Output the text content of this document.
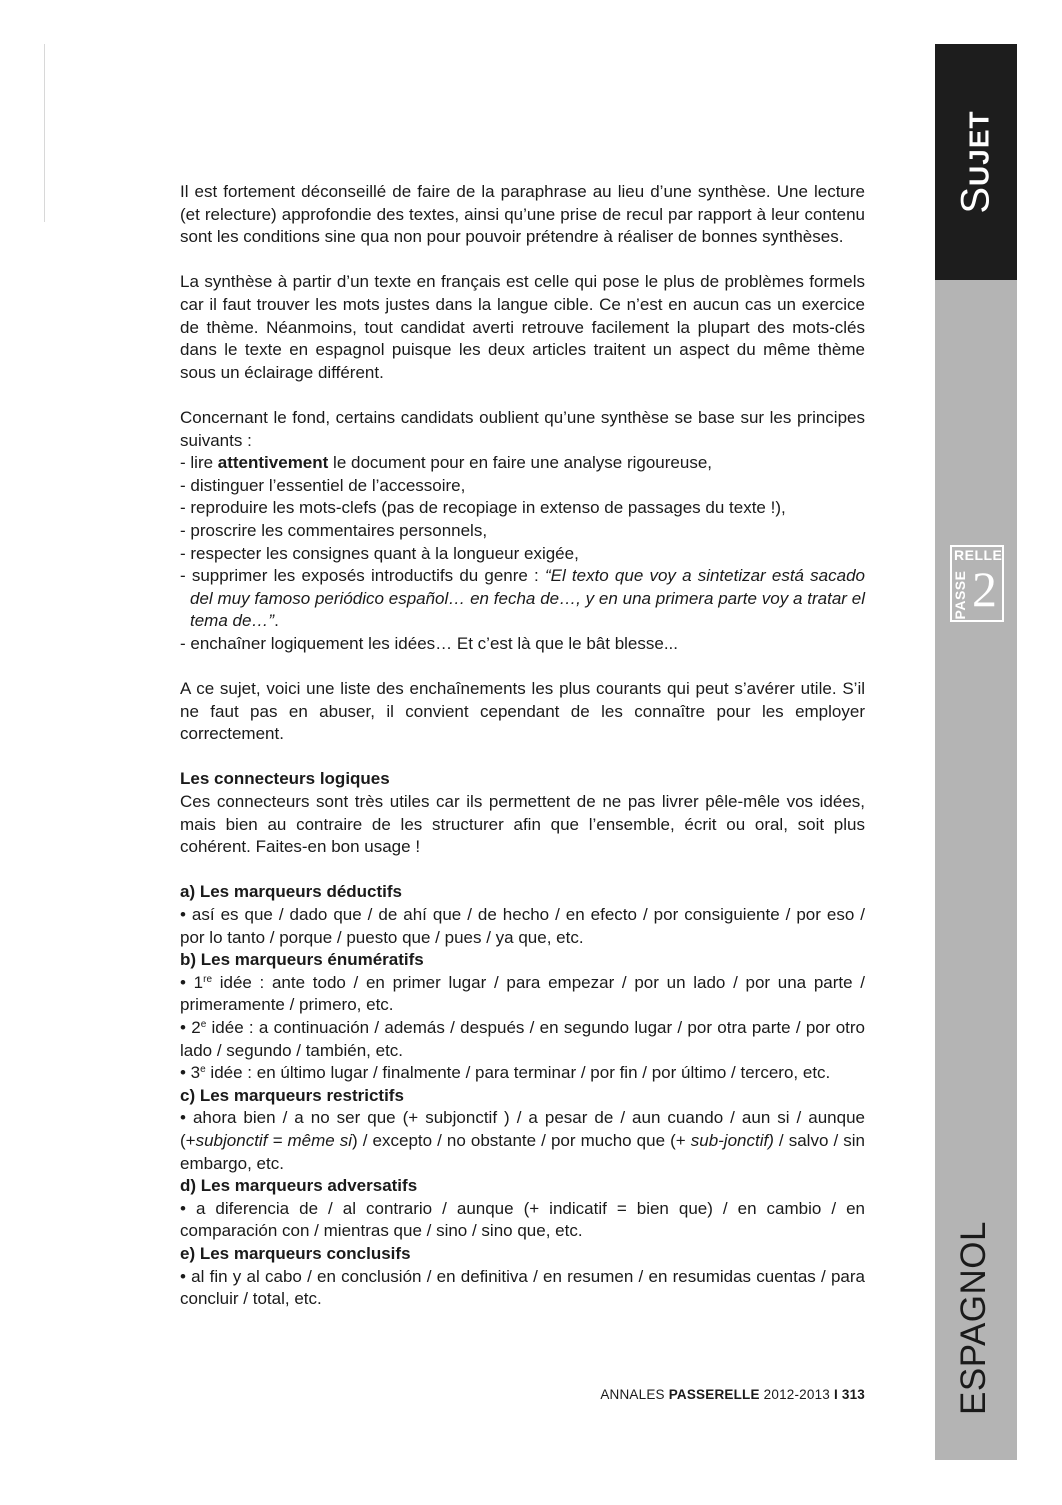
Il est fortement déconseillé de faire de la paraphrase au lieu d’une synthèse. Une lecture (et relecture) approfondie des textes, ainsi qu’une prise de recul par rapport à leur contenu sont les conditions sine qua non pour pouvoir prétendre à réaliser de bonnes synthèses.

La synthèse à partir d’un texte en français est celle qui pose le plus de problèmes formels car il faut trouver les mots justes dans la langue cible. Ce n’est en aucun cas un exercice de thème. Néanmoins, tout candidat averti retrouve facilement la plupart des mots-clés dans le texte en espagnol puisque les deux articles traitent un aspect du même thème sous un éclairage différent.

Concernant le fond, certains candidats oublient qu’une synthèse se base sur les principes suivants :

- lire attentivement le document pour en faire une analyse rigoureuse,

- distinguer l’essentiel de l’accessoire,

- reproduire les mots-clefs (pas de recopiage in extenso de passages du texte !),

- proscrire les commentaires personnels,

- respecter les consignes quant à la longueur exigée,

- supprimer les exposés introductifs du genre : “El texto que voy a sintetizar está sacado del muy famoso periódico español… en fecha de…, y en una primera parte voy a tratar el tema de…”.

- enchaîner logiquement les idées… Et c’est là que le bât blesse...

A ce sujet, voici une liste des enchaînements les plus courants qui peut s’avérer utile. S’il ne faut pas en abuser, il convient cependant de les connaître pour les employer correctement.

Les connecteurs logiques

Ces connecteurs sont très utiles car ils permettent de ne pas livrer pêle-mêle vos idées, mais bien au contraire de les structurer afin que l’ensemble, écrit ou oral, soit plus cohérent. Faites-en bon usage !

a) Les marqueurs déductifs

• así es que / dado que / de ahí que / de hecho / en efecto / por consiguiente / por eso / por lo tanto / porque / puesto que / pues / ya que, etc.

b) Les marqueurs énumératifs

• 1re idée : ante todo / en primer lugar / para empezar / por un lado / por una parte / primeramente / primero, etc.

• 2e idée : a continuación / además / después / en segundo lugar / por otra parte / por otro lado / segundo / también, etc.

• 3e idée : en último lugar / finalmente / para terminar / por fin / por último / tercero, etc.

c) Les marqueurs restrictifs

• ahora bien / a no ser que (+ subjonctif ) / a pesar de / aun cuando / aun si / aunque (+subjonctif = même si) / excepto / no obstante / por mucho que (+ sub-jonctif) / salvo / sin embargo, etc.

d) Les marqueurs adversatifs

• a diferencia de / al contrario / aunque (+ indicatif = bien que) / en cambio / en comparación con / mientras que / sino / sino que, etc.

e) Les marqueurs conclusifs

• al fin y al cabo / en conclusión / en definitiva / en resumen / en resumidas cuentas / para concluir / total, etc.

ANNALES PASSERELLE 2012-2013 I 313
SUJET
RELLE
PASSE 2
ESPAGNOL
